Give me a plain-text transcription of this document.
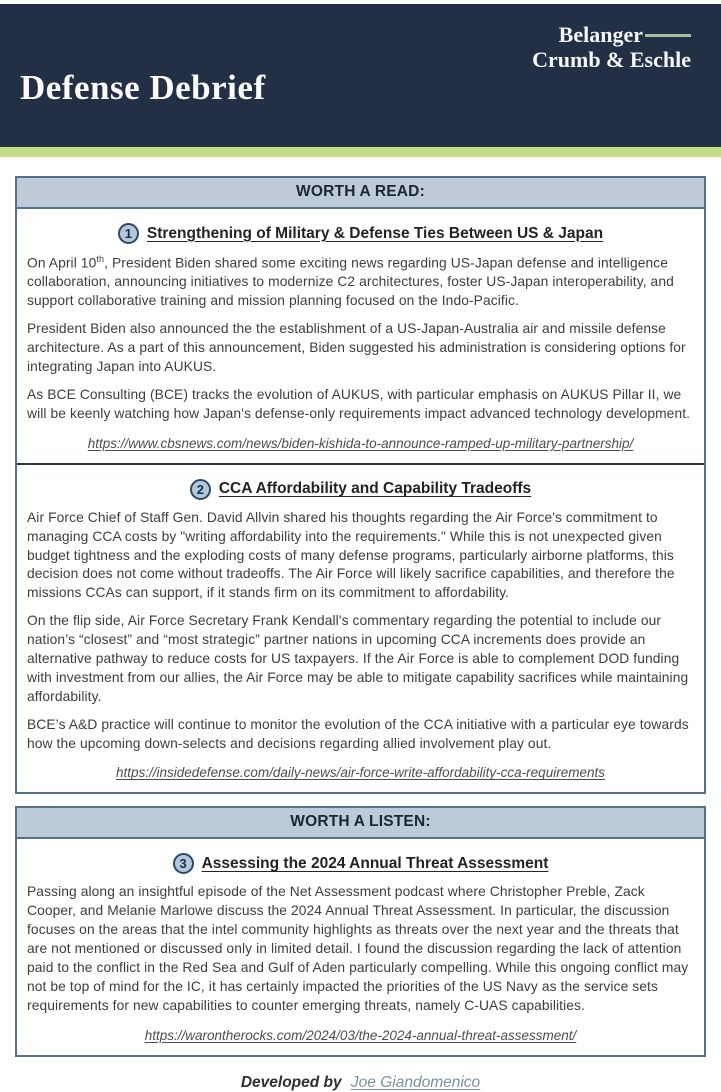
Belanger
Crumb & Eschle
Defense Debrief
WORTH A READ:
1 Strengthening of Military & Defense Ties Between US & Japan

On April 10th, President Biden shared some exciting news regarding US-Japan defense and intelligence collaboration, announcing initiatives to modernize C2 architectures, foster US-Japan interoperability, and support collaborative training and mission planning focused on the Indo-Pacific.

President Biden also announced the the establishment of a US-Japan-Australia air and missile defense architecture. As a part of this announcement, Biden suggested his administration is considering options for integrating Japan into AUKUS.

As BCE Consulting (BCE) tracks the evolution of AUKUS, with particular emphasis on AUKUS Pillar II, we will be keenly watching how Japan's defense-only requirements impact advanced technology development.

https://www.cbsnews.com/news/biden-kishida-to-announce-ramped-up-military-partnership/
2 CCA Affordability and Capability Tradeoffs

Air Force Chief of Staff Gen. David Allvin shared his thoughts regarding the Air Force's commitment to managing CCA costs by "writing affordability into the requirements." While this is not unexpected given budget tightness and the exploding costs of many defense programs, particularly airborne platforms, this decision does not come without tradeoffs. The Air Force will likely sacrifice capabilities, and therefore the missions CCAs can support, if it stands firm on its commitment to affordability.

On the flip side, Air Force Secretary Frank Kendall's commentary regarding the potential to include our nation’s “closest” and “most strategic” partner nations in upcoming CCA increments does provide an alternative pathway to reduce costs for US taxpayers. If the Air Force is able to complement DOD funding with investment from our allies, the Air Force may be able to mitigate capability sacrifices while maintaining affordability.

BCE’s A&D practice will continue to monitor the evolution of the CCA initiative with a particular eye towards how the upcoming down-selects and decisions regarding allied involvement play out.

https://insidedefense.com/daily-news/air-force-write-affordability-cca-requirements
WORTH A LISTEN:
3 Assessing the 2024 Annual Threat Assessment

Passing along an insightful episode of the Net Assessment podcast where Christopher Preble, Zack Cooper, and Melanie Marlowe discuss the 2024 Annual Threat Assessment. In particular, the discussion focuses on the areas that the intel community highlights as threats over the next year and the threats that are not mentioned or discussed only in limited detail. I found the discussion regarding the lack of attention paid to the conflict in the Red Sea and Gulf of Aden particularly compelling. While this ongoing conflict may not be top of mind for the IC, it has certainly impacted the priorities of the US Navy as the service sets requirements for new capabilities to counter emerging threats, namely C-UAS capabilities.

https://warontherocks.com/2024/03/the-2024-annual-threat-assessment/
Developed by Joe Giandomenico
